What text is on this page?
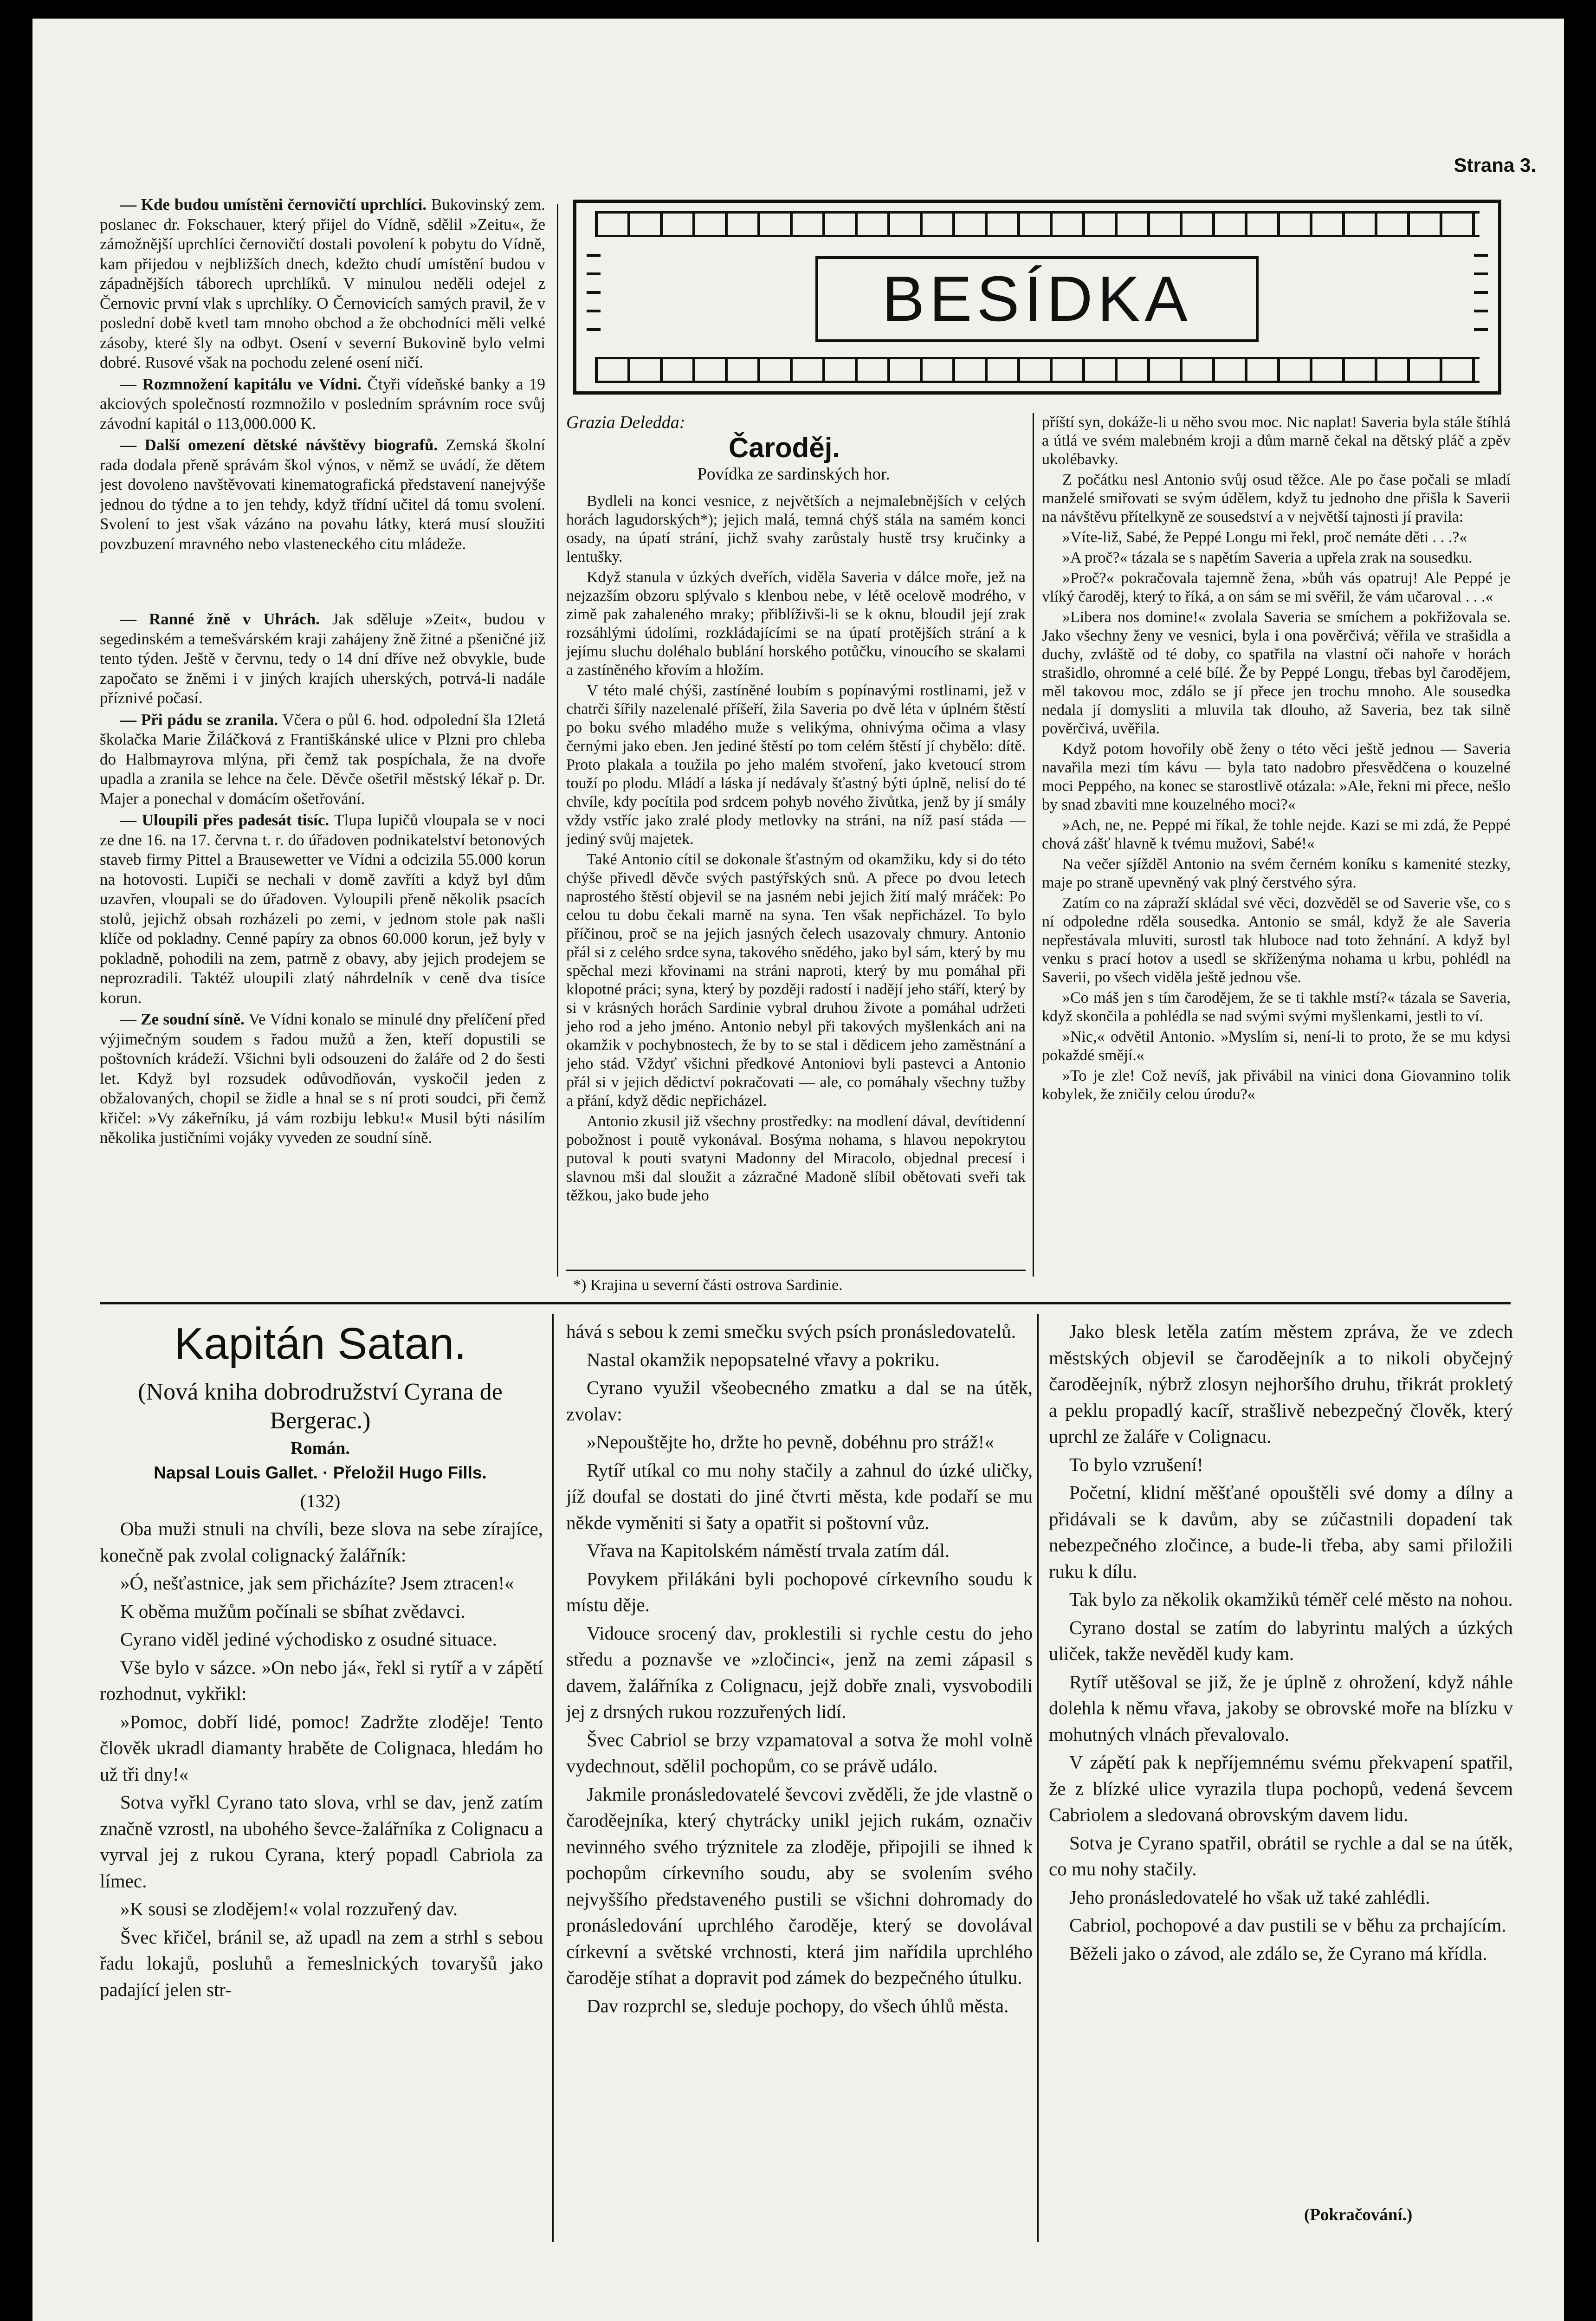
Strana 3.

— Kde budou umístěni černovičtí uprchlíci. Bukovinský zem. poslanec dr. Fokschauer, který přijel do Vídně, sdělil »Zeitu«, že zámožnější uprchlíci černovičtí dostali povolení k pobytu do Vídně, kam přijedou v nejbližších dnech, kdežto chudí umístění budou v západnějších táborech uprchlíků. V minulou neděli odejel z Černovic první vlak s uprchlíky. O Černovicích samých pravil, že v poslední době kvetl tam mnoho obchod a že obchodníci měli velké zásoby, které šly na odbyt. Osení v severní Bukovině bylo velmi dobré. Rusové však na pochodu zelené osení ničí.

— Rozmnožení kapitálu ve Vídni. Čtyři vídeňské banky a 19 akciových společností rozmnožilo v posledním správním roce svůj závodní kapitál o 113,000.000 K.

— Další omezení dětské návštěvy biografů. Zemská školní rada dodala přeně správám škol výnos, v němž se uvádí, že dětem jest dovoleno navštěvovati kinematografická představení nanejvýše jednou do týdne a to jen tehdy, když třídní učitel dá tomu svolení. Svolení to jest však vázáno na povahu látky, která musí sloužiti povzbuzení mravného nebo vlasteneckého citu mládeže.

— Ranné žně v Uhrách. Jak sděluje »Zeit«, budou v segedinském a temešvárském kraji zahájeny žně žitné a pšeničné již tento týden. Ještě v červnu, tedy o 14 dní dříve než obvykle, bude započato se žněmi i v jiných krajích uherských, potrvá-li nadále příznivé počasí.

— Při pádu se zranila. Včera o půl 6. hod. odpolední šla 12letá školačka Marie Žiláčková z Františkánské ulice v Plzni pro chleba do Halbmayrova mlýna, při čemž tak pospíchala, že na dvoře upadla a zranila se lehce na čele. Děvče ošetřil městský lékař p. Dr. Majer a ponechal v domácím ošetřování.

— Uloupili přes padesát tisíc. Tlupa lupičů vloupala se v noci ze dne 16. na 17. června t. r. do úřadoven podnikatelství betonových staveb firmy Pittel a Brausewetter ve Vídni a odcizila 55.000 korun na hotovosti. Lupiči se nechali v domě zavříti a když byl dům uzavřen, vloupali se do úřadoven. Vyloupili přeně několik psacích stolů, jejichž obsah rozházeli po zemi, v jednom stole pak našli klíče od pokladny. Cenné papíry za obnos 60.000 korun, jež byly v pokladně, pohodili na zem, patrně z obavy, aby jejich prodejem se neprozradili. Taktéž uloupili zlatý náhrdelník v ceně dva tisíce korun.

— Ze soudní síně. Ve Vídni konalo se minulé dny přelíčení před výjimečným soudem s řadou mužů a žen, kteří dopustili se poštovních krádeží. Všichni byli odsouzeni do žaláře od 2 do šesti let. Když byl rozsudek odůvodňován, vyskočil jeden z obžalovaných, chopil se židle a hnal se s ní proti soudci, při čemž křičel: »Vy zákeřníku, já vám rozbiju lebku!« Musil býti násilím několika justičními vojáky vyveden ze soudní síně.

BESÍDKA
Grazia Deledda:
Čaroděj.
Povídka ze sardinských hor.

Bydleli na konci vesnice, z největších a nejmalebnějších v celých horách lagudorských*); jejich malá, temná chýš stála na samém konci osady, na úpatí strání, jichž svahy zarůstaly hustě trsy kručinky a lentušky.

Když stanula v úzkých dveřích, viděla Saveria v dálce moře, jež na nejzazším obzoru splývalo s klenbou nebe, v létě ocelově modrého, v zimě pak zahaleného mraky; přiblíživši-li se k oknu, bloudil její zrak rozsáhlými údolími, rozkládajícími se na úpatí protějších strání a k jejímu sluchu doléhalo bublání horského potůčku, vinoucího se skalami a zastíněného křovím a hložím.

V této malé chýši, zastíněné loubím s popínavými rostlinami, jež v chatrči šířily nazelenalé příšeří, žila Saveria po dvě léta v úplném štěstí po boku svého mladého muže s velikýma, ohnivýma očima a vlasy černými jako eben. Jen jediné štěstí po tom celém štěstí jí chybělo: dítě. Proto plakala a toužila po jeho malém stvoření, jako kvetoucí strom touží po plodu. Mládí a láska jí nedávaly šťastný býti úplně, nelisí do té chvíle, kdy pocítila pod srdcem pohyb nového živůtka, jenž by jí smály vždy vstříc jako zralé plody metlovky na stráni, na níž pasí stáda — jediný svůj majetek.

Také Antonio cítil se dokonale šťastným od okamžiku, kdy si do této chýše přivedl děvče svých pastýřských snů. A přece po dvou letech naprostého štěstí objevil se na jasném nebi jejich žití malý mráček: Po celou tu dobu čekali marně na syna. Ten však nepřicházel. To bylo příčinou, proč se na jejich jasných čelech usazovaly chmury. Antonio přál si z celého srdce syna, takového snědého, jako byl sám, který by mu spěchal mezi křovinami na stráni naproti, který by mu pomáhal při klopotné práci; syna, který by později radostí i nadějí jeho stáří, který by si v krásných horách Sardinie vybral druhou živote a pomáhal udržeti jeho rod a jeho jméno. Antonio nebyl při takových myšlenkách ani na okamžik v pochybnostech, že by to se stal i dědicem jeho zaměstnání a jeho stád. Vždyť všichni předkové Antoniovi byli pastevci a Antonio přál si v jejich dědictví pokračovati — ale, co pomáhaly všechny tužby a přání, když dědic nepřicházel.

Antonio zkusil již všechny prostředky: na modlení dával, devítidenní pobožnost i poutě vykonával. Bosýma nohama, s hlavou nepokrytou putoval k pouti svatyni Madonny del Miracolo, objednal precesí i slavnou mši dal sloužit a zázračné Madoně slíbil obětovati sveři tak těžkou, jako bude jeho

*) Krajina u severní části ostrova Sardinie.

příští syn, dokáže-li u něho svou moc. Nic naplat! Saveria byla stále štíhlá a útlá ve svém malebném kroji a dům marně čekal na dětský pláč a zpěv ukolébavky.

Z počátku nesl Antonio svůj osud těžce. Ale po čase počali se mladí manželé smiřovati se svým údělem, když tu jednoho dne přišla k Saverii na návštěvu přítelkyně ze sousedství a v největší tajnosti jí pravila:

»Víte-liž, Sabé, že Peppé Longu mi řekl, proč nemáte děti . . .?«

»A proč?« tázala se s napětím Saveria a upřela zrak na sousedku.

»Proč?« pokračovala tajemně žena, »bůh vás opatruj! Ale Peppé je vlíký čaroděj, který to říká, a on sám se mi svěřil, že vám učaroval . . .«

»Libera nos domine!« zvolala Saveria se smíchem a pokřižovala se. Jako všechny ženy ve vesnici, byla i ona pověrčivá; věřila ve strašidla a duchy, zvláště od té doby, co spatřila na vlastní oči nahoře v horách strašidlo, ohromné a celé bílé. Že by Peppé Longu, třebas byl čarodějem, měl takovou moc, zdálo se jí přece jen trochu mnoho. Ale sousedka nedala jí domysliti a mluvila tak dlouho, až Saveria, bez tak silně pověrčivá, uvěřila.

Když potom hovořily obě ženy o této věci ještě jednou — Saveria navařila mezi tím kávu — byla tato nadobro přesvědčena o kouzelné moci Peppého, na konec se starostlivě otázala: »Ale, řekni mi přece, nešlo by snad zbaviti mne kouzelného moci?«

»Ach, ne, ne. Peppé mi říkal, že tohle nejde. Kazi se mi zdá, že Peppé chová zášť hlavně k tvému mužovi, Sabé!«

Na večer sjížděl Antonio na svém černém koníku s kamenité stezky, maje po straně upevněný vak plný čerstvého sýra.

Zatím co na zápraží skládal své věci, dozvěděl se od Saverie vše, co s ní odpoledne rděla sousedka. Antonio se smál, když že ale Saveria nepřestávala mluviti, surostl tak hluboce nad toto žehnání. A když byl venku s prací hotov a usedl se skříženýma nohama u krbu, pohlédl na Saverii, po všech viděla ještě jednou vše.

»Co máš jen s tím čarodějem, že se ti takhle mstí?« tázala se Saveria, když skončila a pohlédla se nad svými svými myšlenkami, jestli to ví.

»Nic,« odvětil Antonio. »Myslím si, není-li to proto, že se mu kdysi pokaždé smějí.«

»To je zle! Což nevíš, jak přivábil na vinici dona Giovannino tolik kobylek, že zničily celou úrodu?«

Kapitán Satan.
(Nová kniha dobrodružství Cyrana de Bergerac.)
Román.
Napsal Louis Gallet. · Přeložil Hugo Fills.
(132)

Oba muži stnuli na chvíli, beze slova na sebe zírajíce, konečně pak zvolal colignacký žalářník:

»Ó, nešťastnice, jak sem přicházíte? Jsem ztracen!«

K oběma mužům počínali se sbíhat zvědavci.

Cyrano viděl jediné východisko z osudné situace.

Vše bylo v sázce. »On nebo já«, řekl si rytíř a v zápětí rozhodnut, vykřikl:

»Pomoc, dobří lidé, pomoc! Zadržte zloděje! Tento člověk ukradl diamanty hraběte de Colignaca, hledám ho už tři dny!«

Sotva vyřkl Cyrano tato slova, vrhl se dav, jenž zatím značně vzrostl, na ubohého ševce-žalářníka z Colignacu a vyrval jej z rukou Cyrana, který popadl Cabriola za límec.

»K sousi se zlodějem!« volal rozzuřený dav.

Švec křičel, bránil se, až upadl na zem a strhl s sebou řadu lokajů, posluhů a řemeslnických tovaryšů jako padající jelen str-

hává s sebou k zemi smečku svých psích pronásledovatelů.

Nastal okamžik nepopsatelné vřavy a pokriku.

Cyrano využil všeobecného zmatku a dal se na útěk, zvolav:

»Nepouštějte ho, držte ho pevně, dobéhnu pro stráž!«

Rytíř utíkal co mu nohy stačily a zahnul do úzké uličky, jíž doufal se dostati do jiné čtvrti města, kde podaří se mu někde vyměniti si šaty a opatřit si poštovní vůz.

Vřava na Kapitolském náměstí trvala zatím dál.

Povykem přilákáni byli pochopové církevního soudu k místu děje.

Vidouce srocený dav, proklestili si rychle cestu do jeho středu a poznavše ve »zločinci«, jenž na zemi zápasil s davem, žalářníka z Colignacu, jejž dobře znali, vysvobodili jej z drsných rukou rozzuřených lidí.

Švec Cabriol se brzy vzpamatoval a sotva že mohl volně vydechnout, sdělil pochopům, co se právě událo.

Jakmile pronásledovatelé ševcovi zvěděli, že jde vlastně o čaroděejníka, který chytrácky unikl jejich rukám, označiv nevinného svého trýznitele za zloděje, připojili se ihned k pochopům církevního soudu, aby se svolením svého nejvyššího představeného pustili se všichni dohromady do pronásledování uprchlého čaroděje, který se dovolával církevní a světské vrchnosti, která jim nařídila uprchlého čaroděje stíhat a dopravit pod zámek do bezpečného útulku.

Dav rozprchl se, sleduje pochopy, do všech úhlů města.

Jako blesk letěla zatím městem zpráva, že ve zdech městských objevil se čaroděejník a to nikoli obyčejný čaroděejník, nýbrž zlosyn nejhoršího druhu, třikrát prokletý a peklu propadlý kacíř, strašlivě nebezpečný člověk, který uprchl ze žaláře v Colignacu.

To bylo vzrušení!

Početní, klidní měšťané opouštěli své domy a dílny a přidávali se k davům, aby se zúčastnili dopadení tak nebezpečného zločince, a bude-li třeba, aby sami přiložili ruku k dílu.

Tak bylo za několik okamžiků téměř celé město na nohou.

Cyrano dostal se zatím do labyrintu malých a úzkých uliček, takže nevěděl kudy kam.

Rytíř utěšoval se již, že je úplně z ohrožení, když náhle dolehla k němu vřava, jakoby se obrovské moře na blízku v mohutných vlnách převalovalo.

V zápětí pak k nepříjemnému svému překvapení spatřil, že z blízké ulice vyrazila tlupa pochopů, vedená ševcem Cabriolem a sledovaná obrovským davem lidu.

Sotva je Cyrano spatřil, obrátil se rychle a dal se na útěk, co mu nohy stačily.

Jeho pronásledovatelé ho však už také zahlédli.

Cabriol, pochopové a dav pustili se v běhu za prchajícím.

Běželi jako o závod, ale zdálo se, že Cyrano má křídla.

(Pokračování.)
